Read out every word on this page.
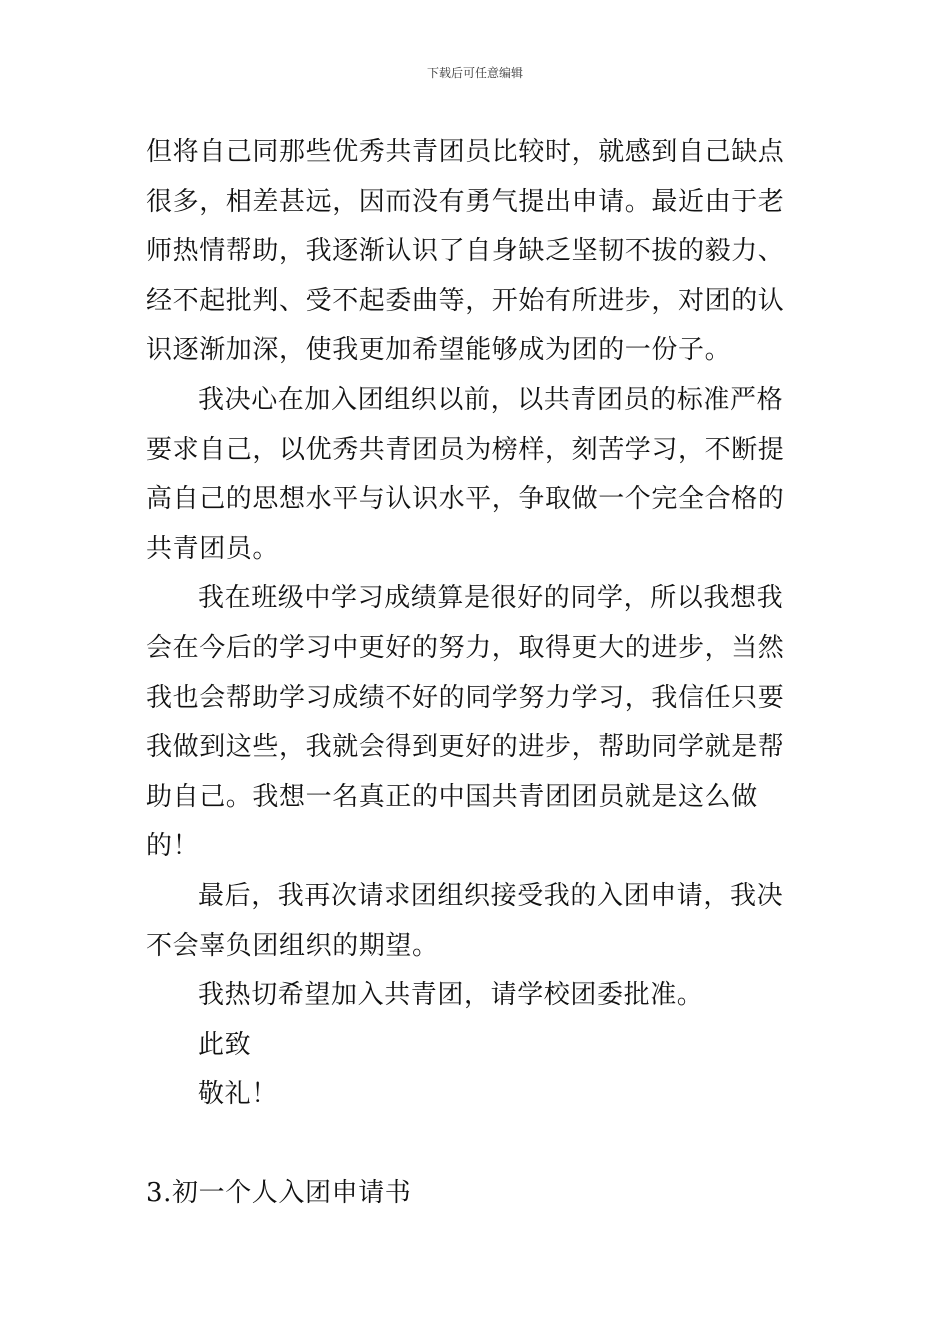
下载后可任意编辑

但将自己同那些优秀共青团员比较时，就感到自己缺点很多，相差甚远，因而没有勇气提出申请。最近由于老师热情帮助，我逐渐认识了自身缺乏坚韧不拔的毅力、经不起批判、受不起委曲等，开始有所进步，对团的认识逐渐加深，使我更加希望能够成为团的一份子。

我决心在加入团组织以前，以共青团员的标准严格要求自己，以优秀共青团员为榜样，刻苦学习，不断提高自己的思想水平与认识水平，争取做一个完全合格的共青团员。

我在班级中学习成绩算是很好的同学，所以我想我会在今后的学习中更好的努力，取得更大的进步，当然我也会帮助学习成绩不好的同学努力学习，我信任只要我做到这些，我就会得到更好的进步，帮助同学就是帮助自己。我想一名真正的中国共青团团员就是这么做的！

最后，我再次请求团组织接受我的入团申请，我决不会辜负团组织的期望。

我热切希望加入共青团，请学校团委批准。

此致

敬礼！

3.初一个人入团申请书
